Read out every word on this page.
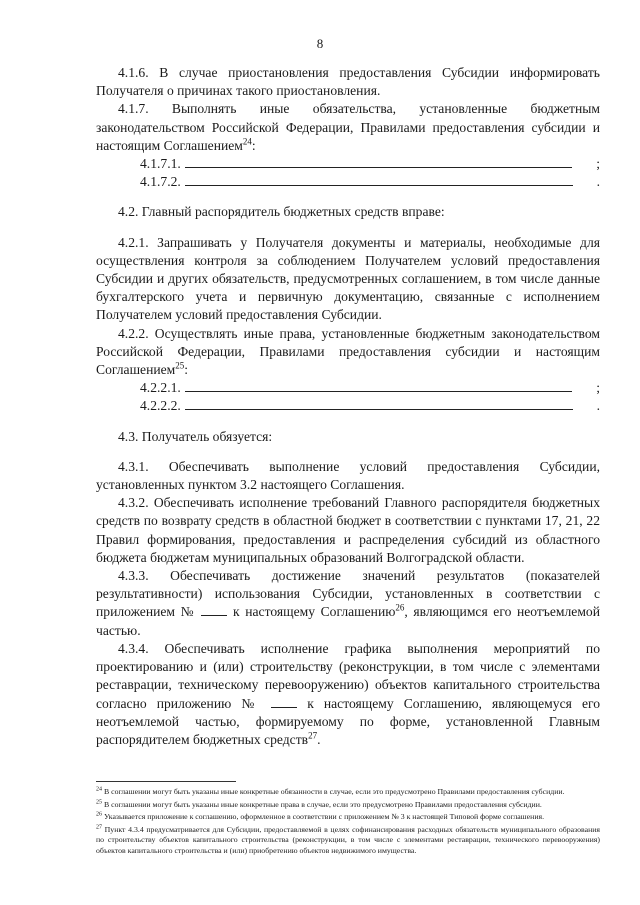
8

4.1.6. В случае приостановления предоставления Субсидии информировать Получателя о причинах такого приостановления.

4.1.7. Выполнять иные обязательства, установленные бюджетным законодательством Российской Федерации, Правилами предоставления субсидии и настоящим Соглашением$^{24}$:

4.1.7.1.	;
4.1.7.2.	.

4.2. Главный распорядитель бюджетных средств вправе:

4.2.1. Запрашивать у Получателя документы и материалы, необходимые для осуществления контроля за соблюдением Получателем условий предоставления Субсидии и других обязательств, предусмотренных соглашением, в том числе данные бухгалтерского учета и первичную документацию, связанные с исполнением Получателем условий предоставления Субсидии.

4.2.2. Осуществлять иные права, установленные бюджетным законодательством Российской Федерации, Правилами предоставления субсидии и настоящим Соглашением$^{25}$:

4.2.2.1.	;
4.2.2.2.	.

4.3. Получатель обязуется:

4.3.1. Обеспечивать выполнение условий предоставления Субсидии, установленных пунктом 3.2 настоящего Соглашения.

4.3.2. Обеспечивать исполнение требований Главного распорядителя бюджетных средств по возврату средств в областной бюджет в соответствии с пунктами 17, 21, 22 Правил формирования, предоставления и распределения субсидий из областного бюджета бюджетам муниципальных образований Волгоградской области.

4.3.3. Обеспечивать достижение значений результатов (показателей результативности) использования Субсидии, установленных в соответствии с приложением №	к настоящему Соглашению$^{26}$, являющимся его неотъемлемой частью.

4.3.4. Обеспечивать исполнение графика выполнения мероприятий по проектированию и (или) строительству (реконструкции, в том числе с элементами реставрации, техническому перевооружению) объектов капитального строительства согласно приложению №	к настоящему Соглашению, являющемуся его неотъемлемой частью, формируемому по форме, установленной Главным распорядителем бюджетных средств$^{27}$.

$^{24}$ В соглашении могут быть указаны иные конкретные обязанности в случае, если это предусмотрено Правилами предоставления субсидии.
$^{25}$ В соглашении могут быть указаны иные конкретные права в случае, если это предусмотрено Правилами предоставления субсидии.
$^{26}$ Указывается приложение к соглашению, оформленное в соответствии с приложением № 3 к настоящей Типовой форме соглашения.
$^{27}$ Пункт 4.3.4 предусматривается для Субсидии, предоставляемой в целях софинансирования расходных обязательств муниципального образования по строительству объектов капитального строительства (реконструкции, в том числе с элементами реставрации, технического перевооружения) объектов капитального строительства и (или) приобретению объектов недвижимого имущества.
